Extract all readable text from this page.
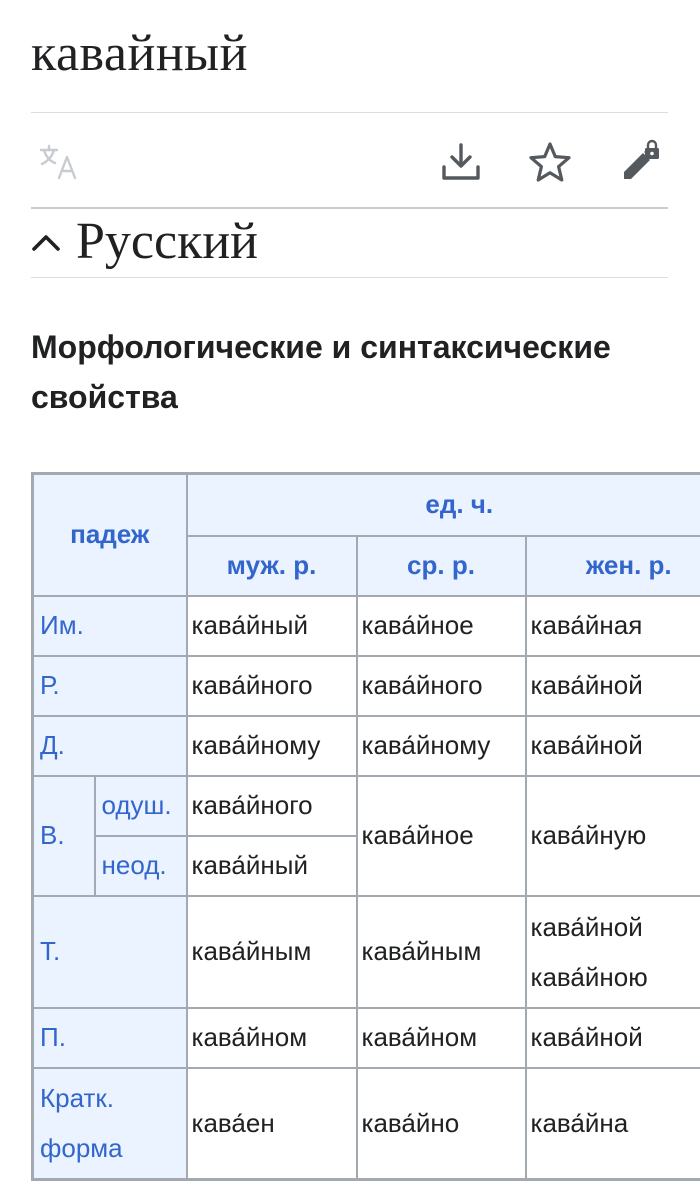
кавайный
Русский
Морфологические и синтаксические свойства
падеж		ед. ч.		
		муж. р.	ср. р.	жен. р.
Им.		кава́йный	кава́йное	кава́йная
Р.		кава́йного	кава́йного	кава́йной
Д.		кава́йному	кава́йному	кава́йной
В.	одуш.	кава́йного	кава́йное	кава́йную
	неод.	кава́йный		
Т.		кава́йным	кава́йным	кава́йной
кава́йною
П.		кава́йном	кава́йном	кава́йной
Кратк.
форма		кава́ен	кава́йно	кава́йна
